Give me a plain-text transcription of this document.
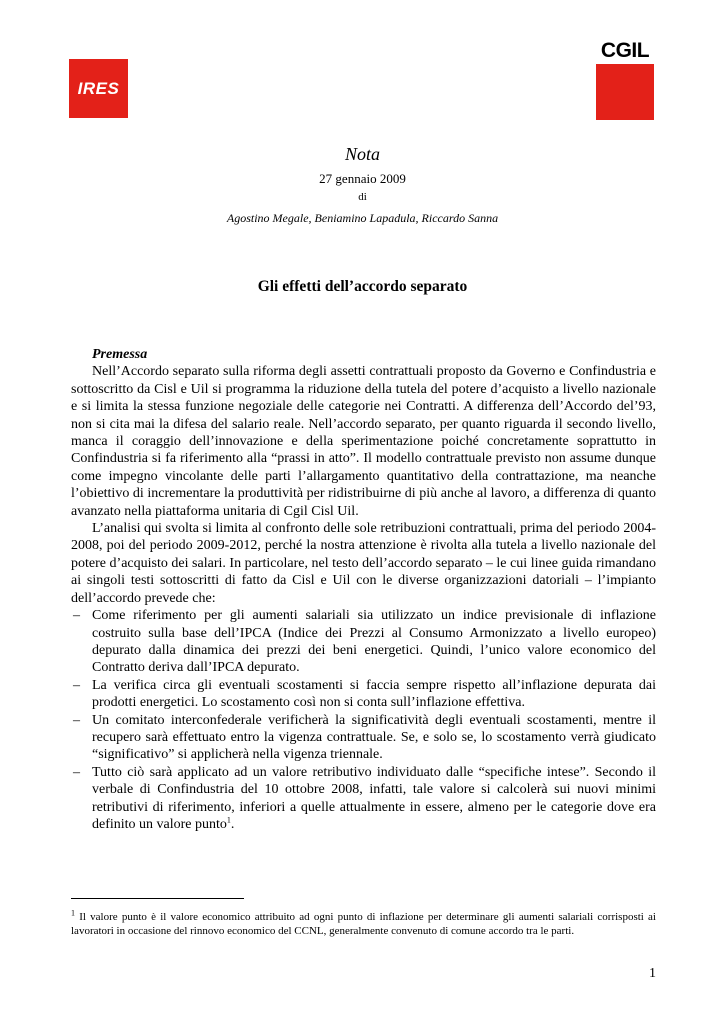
IRES
CGIL
Nota
27 gennaio 2009
di
Agostino Megale, Beniamino Lapadula, Riccardo Sanna
Gli effetti dell’accordo separato
Premessa

Nell’Accordo separato sulla riforma degli assetti contrattuali proposto da Governo e Confindustria e sottoscritto da Cisl e Uil si programma la riduzione della tutela del potere d’acquisto a livello nazionale e si limita la stessa funzione negoziale delle categorie nei Contratti. A differenza dell’Accordo del’93, non si cita mai la difesa del salario reale. Nell’accordo separato, per quanto riguarda il secondo livello, manca il coraggio dell’innovazione e della sperimentazione poiché concretamente soprattutto in Confindustria si fa riferimento alla “prassi in atto”. Il modello contrattuale previsto non assume dunque come impegno vincolante delle parti l’allargamento quantitativo della contrattazione, ma neanche l’obiettivo di incrementare la produttività per ridistribuirne di più anche al lavoro, a differenza di quanto avanzato nella piattaforma unitaria di Cgil Cisl Uil.

L’analisi qui svolta si limita al confronto delle sole retribuzioni contrattuali, prima del periodo 2004-2008, poi del periodo 2009-2012, perché la nostra attenzione è rivolta alla tutela a livello nazionale del potere d’acquisto dei salari. In particolare, nel testo dell’accordo separato – le cui linee guida rimandano ai singoli testi sottoscritti di fatto da Cisl e Uil con le diverse organizzazioni datoriali – l’impianto dell’accordo prevede che:

– Come riferimento per gli aumenti salariali sia utilizzato un indice previsionale di inflazione costruito sulla base dell’IPCA (Indice dei Prezzi al Consumo Armonizzato a livello europeo) depurato dalla dinamica dei prezzi dei beni energetici. Quindi, l’unico valore economico del Contratto deriva dall’IPCA depurato.
– La verifica circa gli eventuali scostamenti si faccia sempre rispetto all’inflazione depurata dai prodotti energetici. Lo scostamento così non si conta sull’inflazione effettiva.
– Un comitato interconfederale verificherà la significatività degli eventuali scostamenti, mentre il recupero sarà effettuato entro la vigenza contrattuale. Se, e solo se, lo scostamento verrà giudicato “significativo” si applicherà nella vigenza triennale.
– Tutto ciò sarà applicato ad un valore retributivo individuato dalle “specifiche intese”. Secondo il verbale di Confindustria del 10 ottobre 2008, infatti, tale valore si calcolerà sui nuovi minimi retributivi di riferimento, inferiori a quelle attualmente in essere, almeno per le categorie dove era definito un valore punto$^1$.
$^1$ Il valore punto è il valore economico attribuito ad ogni punto di inflazione per determinare gli aumenti salariali corrisposti ai lavoratori in occasione del rinnovo economico del CCNL, generalmente convenuto di comune accordo tra le parti.
1
